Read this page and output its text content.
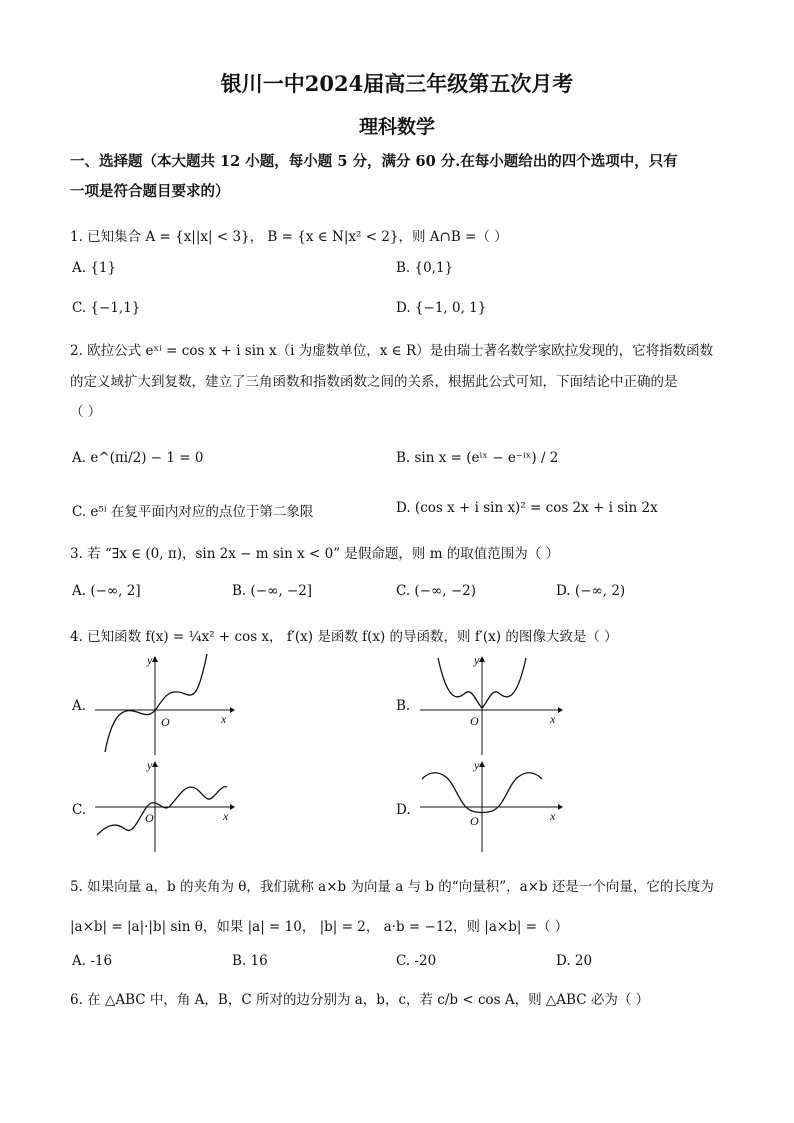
银川一中2024届高三年级第五次月考
理科数学
一、选择题（本大题共 12 小题，每小题 5 分，满分 60 分.在每小题给出的四个选项中，只有
一项是符合题目要求的）
1. 已知集合 A = {x||x| < 3}， B = {x ∈ N|x² < 2}，则 A∩B =（ ）
A. {1}	B. {0,1}
C. {−1,1}	D. {−1, 0, 1}
2. 欧拉公式 eˣⁱ = cos x + i sin x（i 为虚数单位，x ∈ R）是由瑞士著名数学家欧拉发现的，它将指数函数
的定义域扩大到复数，建立了三角函数和指数函数之间的关系，根据此公式可知，下面结论中正确的是
（ ）
A. e^(πi/2) − 1 = 0	B. sin x = (eⁱˣ − e⁻ⁱˣ) / 2
C. e⁵ⁱ 在复平面内对应的点位于第二象限	D. (cos x + i sin x)² = cos 2x + i sin 2x
3. 若 “∃x ∈ (0, π)，sin 2x − m sin x < 0” 是假命题，则 m 的取值范围为（ ）
A. (−∞, 2]	B. (−∞, −2]	C. (−∞, −2)	D. (−∞, 2)
4. 已知函数 f(x) = ¼x² + cos x， f′(x) 是函数 f(x) 的导函数，则 f′(x) 的图像大致是（ ）
A.
y
O	x
B.
y
O	x
C.
y
O	x	D.
y
O	x
5. 如果向量 a，b 的夹角为 θ，我们就称 a×b 为向量 a 与 b 的“向量积”，a×b 还是一个向量，它的长度为
|a×b| = |a|·|b| sin θ，如果 |a| = 10， |b| = 2， a·b = −12，则 |a×b| =（ ）
A. -16	B. 16	C. -20	D. 20
6. 在 △ABC 中，角 A，B，C 所对的边分别为 a，b，c，若 c/b < cos A，则 △ABC 必为（ ）
